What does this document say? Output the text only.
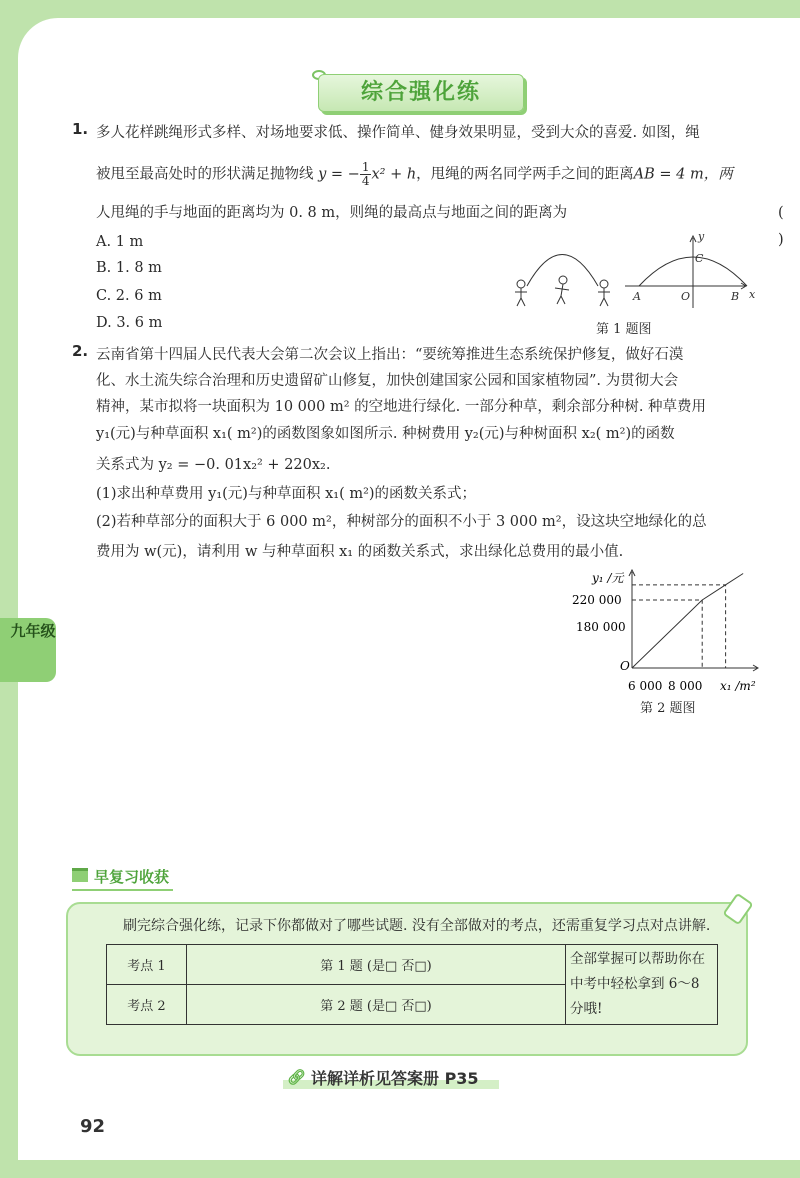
综合强化练
1. 多人花样跳绳形式多样、对场地要求低、操作简单、健身效果明显，受到大众的喜爱. 如图，绳
被甩至最高处时的形状满足抛物线 y = − $\frac{1}{4} x^2 + h$，甩绳的两名同学两手之间的距离AB = 4 m，两
人甩绳的手与地面的距离均为 0. 8 m，则绳的最高点与地面之间的距离为	( )
A. 1 m
B. 1. 8 m
C. 2. 6 m
D. 3. 6 m
y
C
A	O	B x
第 1 题图
2. 云南省第十四届人民代表大会第二次会议上指出：“要统筹推进生态系统保护修复，做好石漠
化、水土流失综合治理和历史遗留矿山修复，加快创建国家公园和国家植物园”. 为贯彻大会
精神，某市拟将一块面积为 10 000 m² 的空地进行绿化. 一部分种草，剩余部分种树. 种草费用
y₁(元)与种草面积 x₁( m²)的函数图象如图所示. 种树费用 y₂(元)与种树面积 x₂( m²)的函数
关系式为 y₂ = −0. 01x₂² + 220x₂.
(1)求出种草费用 y₁(元)与种草面积 x₁( m²)的函数关系式；
(2)若种草部分的面积大于 6 000 m²，种树部分的面积不小于 3 000 m²，设这块空地绿化的总
费用为 w(元)，请利用 w 与种草面积 x₁ 的函数关系式，求出绿化总费用的最小值.
y₁ /元
x₁ /m²
O
220 000
180 000
6 000 8 000
第 2 题图
九年级
早复习收获
刷完综合强化练，记录下你都做对了哪些试题. 没有全部做对的考点，还需重复学习点对点讲解.
考点 1	第 1 题 (是□ 否□)	全部掌握可以帮助你在中考中轻松拿到 6～8 分哦!
考点 2	第 2 题 (是□ 否□)	
🔗︎ 详解详析见答案册 P35
92
